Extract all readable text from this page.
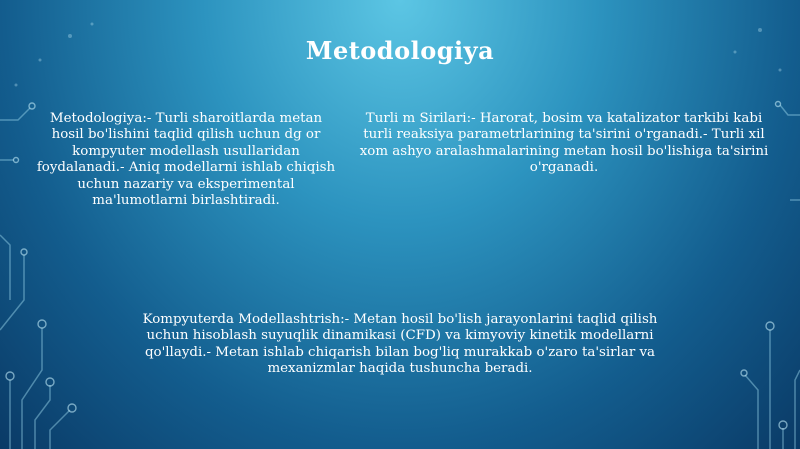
Metodologiya
Metodologiya:- Turli sharoitlarda metan hosil bo'lishini taqlid qilish uchun dg or kompyuter modellash usullaridan foydalanadi.- Aniq modellarni ishlab chiqish uchun nazariy va eksperimental ma'lumotlarni birlashtiradi.
Turli m Sirilari:- Harorat, bosim va katalizator tarkibi kabi turli reaksiya parametrlarining ta'sirini o'rganadi.- Turli xil xom ashyo aralashmalarining metan hosil bo'lishiga ta'sirini o'rganadi.
Kompyuterda Modellashtrish:- Metan hosil bo'lish jarayonlarini taqlid qilish uchun hisoblash suyuqlik dinamikasi (CFD) va kimyoviy kinetik modellarni qo'llaydi.- Metan ishlab chiqarish bilan bog'liq murakkab o'zaro ta'sirlar va mexanizmlar haqida tushuncha beradi.
